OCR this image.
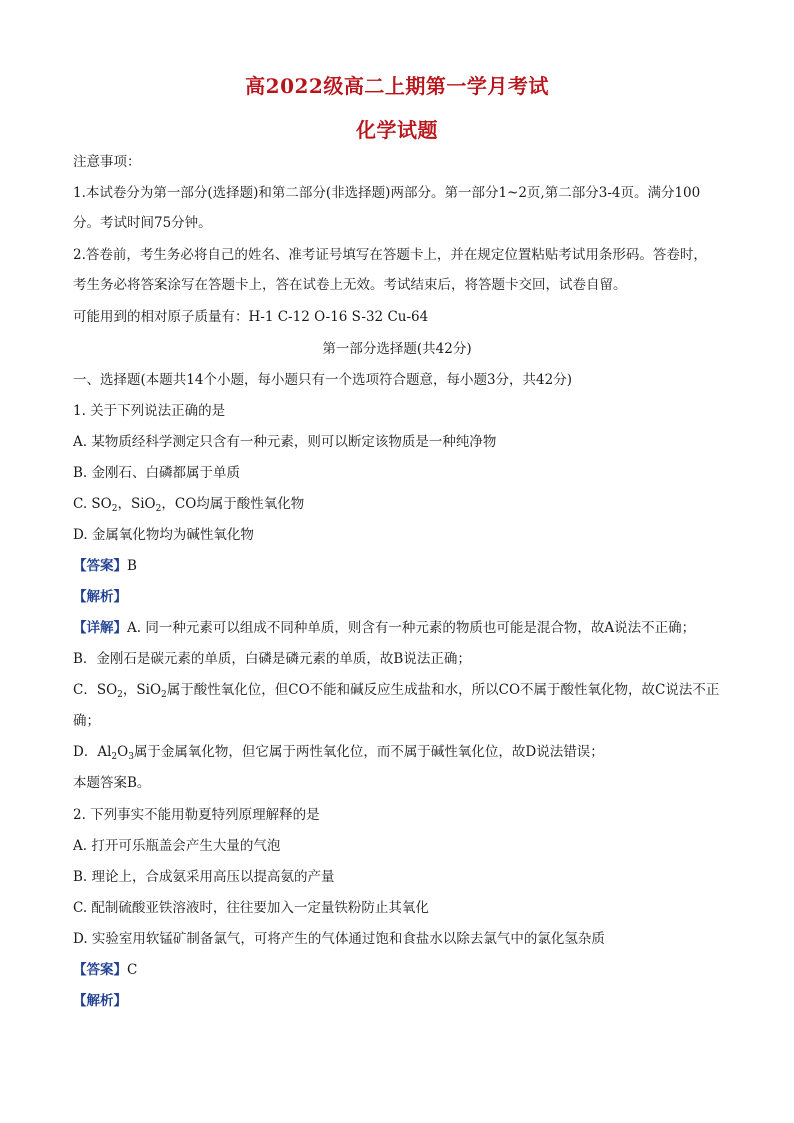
高2022级高二上期第一学月考试
化学试题
注意事项：
1.本试卷分为第一部分(选择题)和第二部分(非选择题)两部分。第一部分1~2页,第二部分3-4页。满分100
分。考试时间75分钟。
2.答卷前，考生务必将自己的姓名、准考证号填写在答题卡上，并在规定位置粘贴考试用条形码。答卷时，
考生务必将答案涂写在答题卡上，答在试卷上无效。考试结束后，将答题卡交回，试卷自留。
可能用到的相对原子质量有：H-1 C-12 O-16 S-32 Cu-64
第一部分选择题(共42分)
一、选择题(本题共14个小题，每小题只有一个选项符合题意，每小题3分，共42分)
1. 关于下列说法正确的是
A. 某物质经科学测定只含有一种元素，则可以断定该物质是一种纯净物
B. 金刚石、白磷都属于单质
C. $SO_2$，SiO$_2$，CO均属于酸性氧化物
D. 金属氧化物均为碱性氧化物
【答案】B
【解析】
【详解】A. 同一种元素可以组成不同种单质，则含有一种元素的物质也可能是混合物，故A说法不正确；
B．金刚石是碳元素的单质，白磷是磷元素的单质，故B说法正确；
C．$SO_2$，SiO$_2$属于酸性氧化位，但CO不能和碱反应生成盐和水，所以CO不属于酸性氧化物，故C说法不正
确；
D．$Al_2O_3$属于金属氧化物，但它属于两性氧化位，而不属于碱性氧化位，故D说法错误；
本题答案B。
2. 下列事实不能用勒夏特列原理解释的是
A. 打开可乐瓶盖会产生大量的气泡
B. 理论上，合成氨采用高压以提高氨的产量
C. 配制硫酸亚铁溶液时，往往要加入一定量铁粉防止其氧化
D. 实验室用软锰矿制备氯气，可将产生的气体通过饱和食盐水以除去氯气中的氯化氢杂质
【答案】C
【解析】
